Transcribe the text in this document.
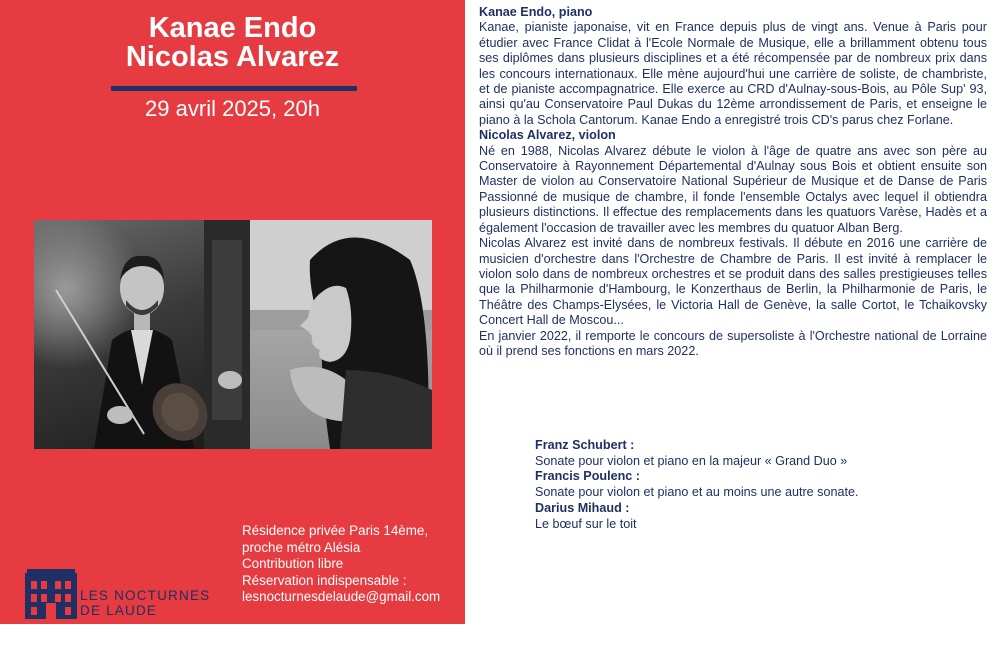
Kanae Endo
Nicolas Alvarez
29 avril 2025, 20h
Résidence privée Paris 14ème,
proche métro Alésia
Contribution libre
Réservation indispensable :
lesnocturnesdelaude@gmail.com
LES NOCTURNES
DE LAUDE

Kanae Endo, piano

Kanae, pianiste japonaise, vit en France depuis plus de vingt ans. Venue à Paris pour étudier avec France Clidat à l'Ecole Normale de Musique, elle a brillamment obtenu tous ses diplômes dans plusieurs disciplines et a été récompensée par de nombreux prix dans les concours internationaux. Elle mène aujourd'hui une carrière de soliste, de chambriste, et de pianiste accompagnatrice. Elle exerce au CRD d'Aulnay-sous-Bois, au Pôle Sup' 93, ainsi qu'au Conservatoire Paul Dukas du 12ème arrondissement de Paris, et enseigne le piano à la Schola Cantorum. Kanae Endo a enregistré trois CD's parus chez Forlane.

Nicolas Alvarez, violon

Né en 1988, Nicolas Alvarez débute le violon à l'âge de quatre ans avec son père au Conservatoire à Rayonnement Départemental d'Aulnay sous Bois et obtient ensuite son Master de violon au Conservatoire National Supérieur de Musique et de Danse de Paris Passionné de musique de chambre, il fonde l'ensemble Octalys avec lequel il obtiendra plusieurs distinctions. Il effectue des remplacements dans les quatuors Varèse, Hadès et a également l'occasion de travailler avec les membres du quatuor Alban Berg.

Nicolas Alvarez est invité dans de nombreux festivals. Il débute en 2016 une carrière de musicien d'orchestre dans l'Orchestre de Chambre de Paris. Il est invité à remplacer le violon solo dans de nombreux orchestres et se produit dans des salles prestigieuses telles que la Philharmonie d'Hambourg, le Konzerthaus de Berlin, la Philharmonie de Paris, le Théâtre des Champs-Elysées, le Victoria Hall de Genève, la salle Cortot, le Tchaikovsky Concert Hall de Moscou...

En janvier 2022, il remporte le concours de supersoliste à l'Orchestre national de Lorraine où il prend ses fonctions en mars 2022.

Franz Schubert :
Sonate pour violon et piano en la majeur « Grand Duo »
Francis Poulenc :
Sonate pour violon et piano et au moins une autre sonate.
Darius Mihaud :
Le bœuf sur le toit
